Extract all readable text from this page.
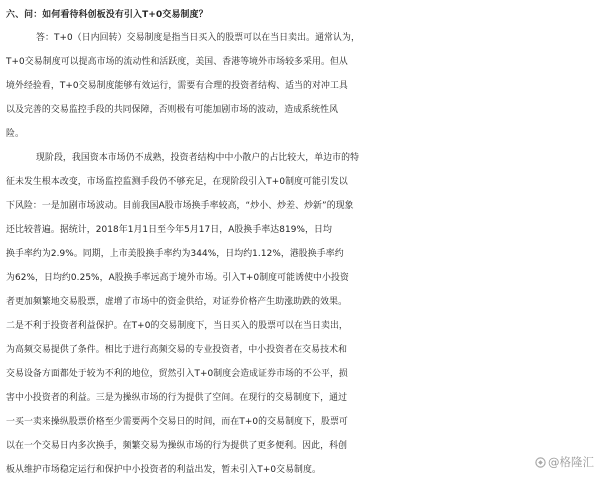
六、问：如何看待科创板没有引入T+0交易制度？
答：T+0（日内回转）交易制度是指当日买入的股票可以在当日卖出。通常认为，
T+0交易制度可以提高市场的流动性和活跃度，美国、香港等境外市场较多采用。但从
境外经验看，T+0交易制度能够有效运行，需要有合理的投资者结构、适当的对冲工具
以及完善的交易监控手段的共同保障，否则极有可能加剧市场的波动，造成系统性风
险。
现阶段，我国资本市场仍不成熟，投资者结构中中小散户的占比较大，单边市的特
征未发生根本改变，市场监控监测手段仍不够充足，在现阶段引入T+0制度可能引发以
下风险：一是加剧市场波动。目前我国A股市场换手率较高，“炒小、炒差、炒新”的现象
还比较普遍。据统计，2018年1月1日至今年5月17日，A股换手率达819%，日均
换手率约为2.9%。同期，上市美股换手率约为344%，日均约1.12%，港股换手率约
为62%，日均约0.25%，A股换手率远高于境外市场。引入T+0制度可能诱使中小投资
者更加频繁地交易股票，虚增了市场中的资金供给，对证券价格产生助涨助跌的效果。
二是不利于投资者利益保护。在T+0的交易制度下，当日买入的股票可以在当日卖出，
为高频交易提供了条件。相比于进行高频交易的专业投资者，中小投资者在交易技术和
交易设备方面都处于较为不利的地位，贸然引入T+0制度会造成证券市场的不公平，损
害中小投资者的利益。三是为操纵市场的行为提供了空间。在现行的交易制度下，通过
一买一卖来操纵股票价格至少需要两个交易日的时间，而在T+0的交易制度下，股票可
以在一个交易日内多次换手，频繁交易为操纵市场的行为提供了更多便利。因此，科创
板从维护市场稳定运行和保护中小投资者的利益出发，暂未引入T+0交易制度。
@格隆汇
